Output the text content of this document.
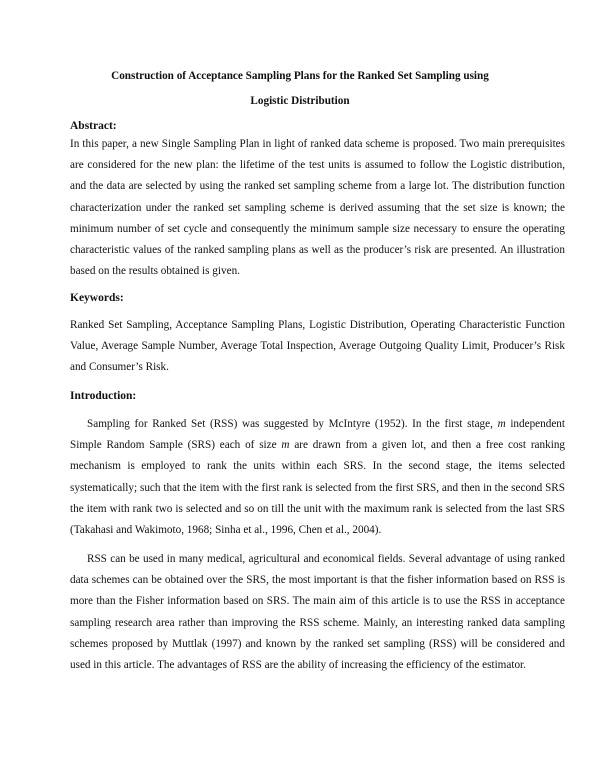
Construction of Acceptance Sampling Plans for the Ranked Set Sampling using
Logistic Distribution
Abstract:

In this paper, a new Single Sampling Plan in light of ranked data scheme is proposed. Two main prerequisites are considered for the new plan: the lifetime of the test units is assumed to follow the Logistic distribution, and the data are selected by using the ranked set sampling scheme from a large lot. The distribution function characterization under the ranked set sampling scheme is derived assuming that the set size is known; the minimum number of set cycle and consequently the minimum sample size necessary to ensure the operating characteristic values of the ranked sampling plans as well as the producer’s risk are presented. An illustration based on the results obtained is given.

Keywords:

Ranked Set Sampling, Acceptance Sampling Plans, Logistic Distribution, Operating Characteristic Function Value, Average Sample Number, Average Total Inspection, Average Outgoing Quality Limit, Producer’s Risk and Consumer’s Risk.

Introduction:

Sampling for Ranked Set (RSS) was suggested by McIntyre (1952). In the first stage, m independent Simple Random Sample (SRS) each of size m are drawn from a given lot, and then a free cost ranking mechanism is employed to rank the units within each SRS. In the second stage, the items selected systematically; such that the item with the first rank is selected from the first SRS, and then in the second SRS the item with rank two is selected and so on till the unit with the maximum rank is selected from the last SRS (Takahasi and Wakimoto, 1968; Sinha et al., 1996, Chen et al., 2004).

RSS can be used in many medical, agricultural and economical fields. Several advantage of using ranked data schemes can be obtained over the SRS, the most important is that the fisher information based on RSS is more than the Fisher information based on SRS. The main aim of this article is to use the RSS in acceptance sampling research area rather than improving the RSS scheme. Mainly, an interesting ranked data sampling schemes proposed by Muttlak (1997) and known by the ranked set sampling (RSS) will be considered and used in this article. The advantages of RSS are the ability of increasing the efficiency of the estimator.
